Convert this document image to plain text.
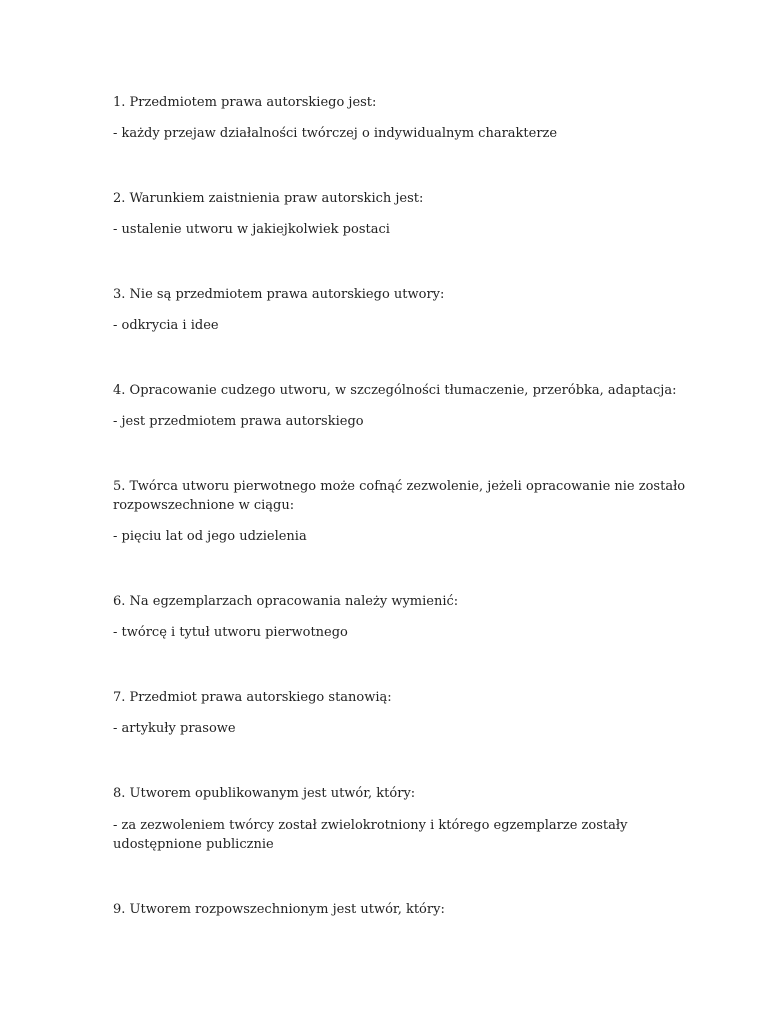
1. Przedmiotem prawa autorskiego jest:
- każdy przejaw działalności twórczej o indywidualnym charakterze
2. Warunkiem zaistnienia praw autorskich jest:
- ustalenie utworu w jakiejkolwiek postaci
3. Nie są przedmiotem prawa autorskiego utwory:
- odkrycia i idee
4. Opracowanie cudzego utworu, w szczególności tłumaczenie, przeróbka, adaptacja:
- jest przedmiotem prawa autorskiego
5. Twórca utworu pierwotnego może cofnąć zezwolenie, jeżeli opracowanie nie zostało
rozpowszechnione w ciągu:
- pięciu lat od jego udzielenia
6. Na egzemplarzach opracowania należy wymienić:
- twórcę i tytuł utworu pierwotnego
7. Przedmiot prawa autorskiego stanowią:
- artykuły prasowe
8. Utworem opublikowanym jest utwór, który:
- za zezwoleniem twórcy został zwielokrotniony i którego egzemplarze zostały
udostępnione publicznie
9. Utworem rozpowszechnionym jest utwór, który:
